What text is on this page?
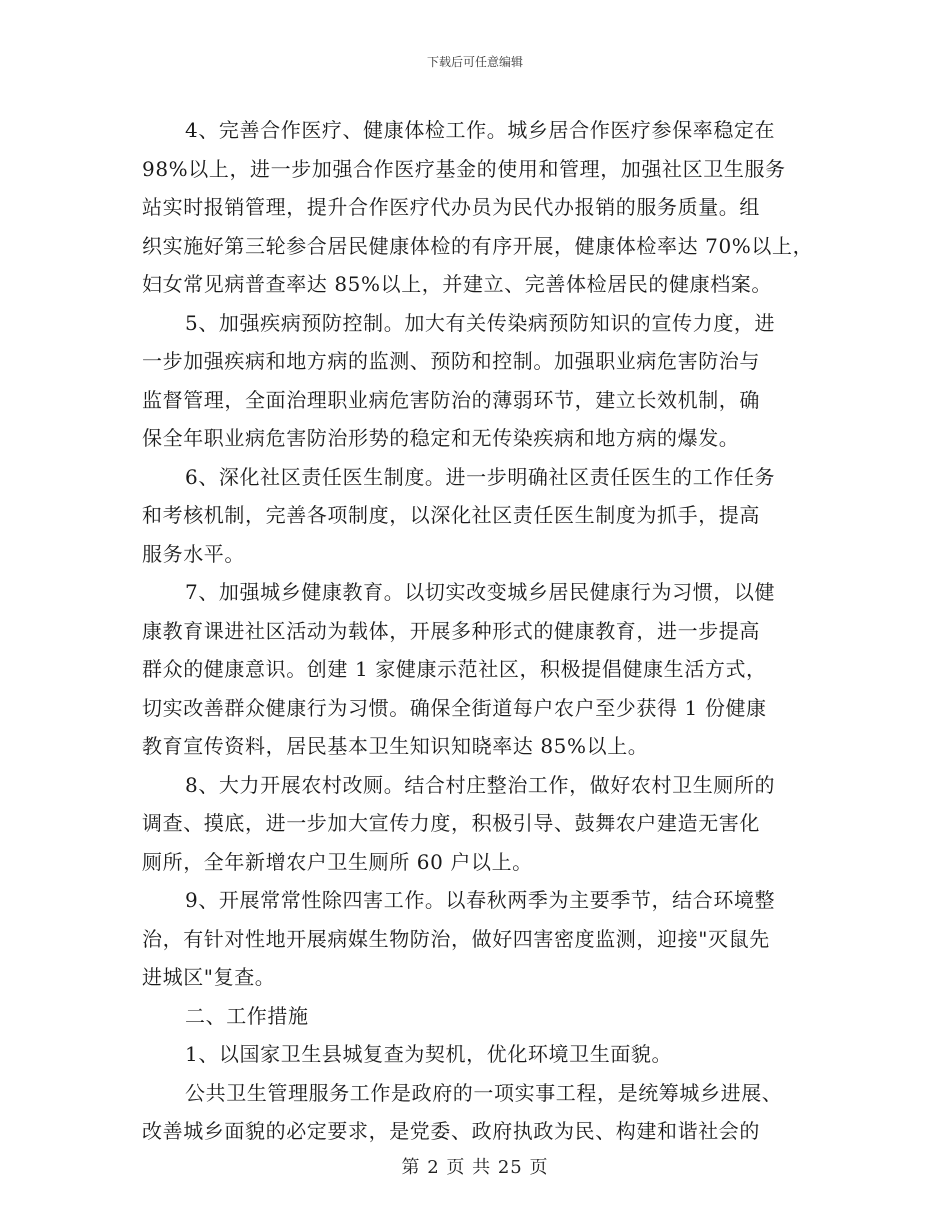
下载后可任意编辑
4、完善合作医疗、健康体检工作。城乡居合作医疗参保率稳定在
98%以上，进一步加强合作医疗基金的使用和管理，加强社区卫生服务
站实时报销管理，提升合作医疗代办员为民代办报销的服务质量。组
织实施好第三轮参合居民健康体检的有序开展，健康体检率达 70%以上，
妇女常见病普查率达 85%以上，并建立、完善体检居民的健康档案。
5、加强疾病预防控制。加大有关传染病预防知识的宣传力度，进
一步加强疾病和地方病的监测、预防和控制。加强职业病危害防治与
监督管理，全面治理职业病危害防治的薄弱环节，建立长效机制，确
保全年职业病危害防治形势的稳定和无传染疾病和地方病的爆发。
6、深化社区责任医生制度。进一步明确社区责任医生的工作任务
和考核机制，完善各项制度，以深化社区责任医生制度为抓手，提高
服务水平。
7、加强城乡健康教育。以切实改变城乡居民健康行为习惯，以健
康教育课进社区活动为载体，开展多种形式的健康教育，进一步提高
群众的健康意识。创建 1 家健康示范社区，积极提倡健康生活方式，
切实改善群众健康行为习惯。确保全街道每户农户至少获得 1 份健康
教育宣传资料，居民基本卫生知识知晓率达 85%以上。
8、大力开展农村改厕。结合村庄整治工作，做好农村卫生厕所的
调查、摸底，进一步加大宣传力度，积极引导、鼓舞农户建造无害化
厕所，全年新增农户卫生厕所 60 户以上。
9、开展常常性除四害工作。以春秋两季为主要季节，结合环境整
治，有针对性地开展病媒生物防治，做好四害密度监测，迎接"灭鼠先
进城区"复查。
二、工作措施
1、以国家卫生县城复查为契机，优化环境卫生面貌。
公共卫生管理服务工作是政府的一项实事工程，是统筹城乡进展、
改善城乡面貌的必定要求，是党委、政府执政为民、构建和谐社会的
第 2 页 共 25 页
